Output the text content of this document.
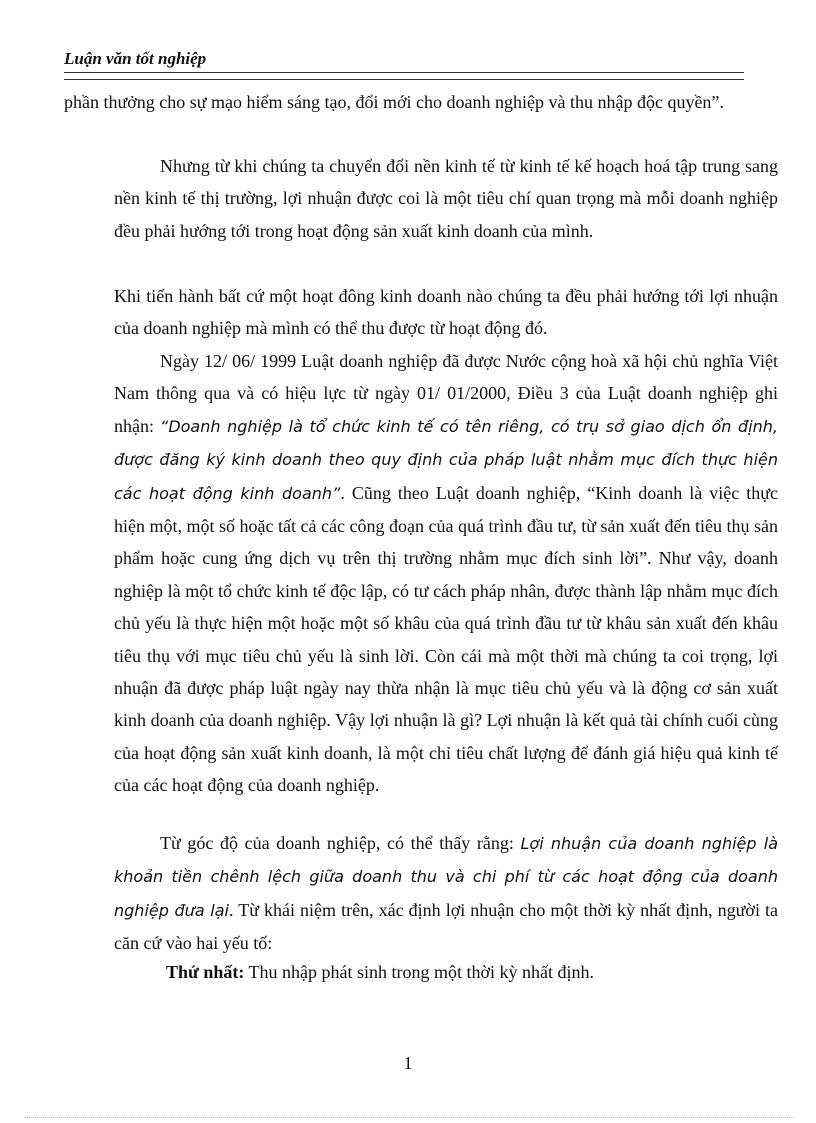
Luận văn tốt nghiệp

phần thưởng cho sự mạo hiểm sáng tạo, đổi mới cho doanh nghiệp và thu nhập độc quyền”.

Nhưng từ khi chúng ta chuyển đổi nền kinh tế từ kinh tế kế hoạch hoá tập trung sang nền kinh tế thị trường, lợi nhuận được coi là một tiêu chí quan trọng mà mỗi doanh nghiệp đều phải hướng tới trong hoạt động sản xuất kinh doanh của mình.

Khi tiến hành bất cứ một hoạt đông kinh doanh nào chúng ta đều phải hướng tới lợi nhuận của doanh nghiệp mà mình có thể thu được từ hoạt động đó.

Ngày 12/ 06/ 1999 Luật doanh nghiệp đã được Nước cộng hoà xã hội chủ nghĩa Việt Nam thông qua và có hiệu lực từ ngày 01/ 01/2000, Điều 3 của Luật doanh nghiệp ghi nhận: “Doanh nghiệp là tổ chức kinh tế có tên riêng, có trụ sở giao dịch ổn định, được đăng ký kinh doanh theo quy định của pháp luật nhằm mục đích thực hiện các hoạt động kinh doanh”. Cũng theo Luật doanh nghiệp, “Kinh doanh là việc thực hiện một, một số hoặc tất cả các công đoạn của quá trình đầu tư, từ sản xuất đến tiêu thụ sản phẩm hoặc cung ứng dịch vụ trên thị trường nhằm mục đích sinh lời”. Như vậy, doanh nghiệp là một tổ chức kinh tế độc lập, có tư cách pháp nhân, được thành lập nhằm mục đích chủ yếu là thực hiện một hoặc một số khâu của quá trình đầu tư từ khâu sản xuất đến khâu tiêu thụ với mục tiêu chủ yếu là sinh lời. Còn cái mà một thời mà chúng ta coi trọng, lợi nhuận đã được pháp luật ngày nay thừa nhận là mục tiêu chủ yếu và là động cơ sản xuất kinh doanh của doanh nghiệp. Vậy lợi nhuận là gì? Lợi nhuận là kết quả tài chính cuối cùng của hoạt động sản xuất kinh doanh, là một chỉ tiêu chất lượng để đánh giá hiệu quả kinh tế của các hoạt động của doanh nghiệp.

Từ góc độ của doanh nghiệp, có thể thấy rằng: Lợi nhuận của doanh nghiệp là khoản tiền chênh lệch giữa doanh thu và chi phí từ các hoạt động của doanh nghiệp đưa lại. Từ khái niệm trên, xác định lợi nhuận cho một thời kỳ nhất định, người ta căn cứ vào hai yếu tố:

Thứ nhất: Thu nhập phát sinh trong một thời kỳ nhất định.

1
